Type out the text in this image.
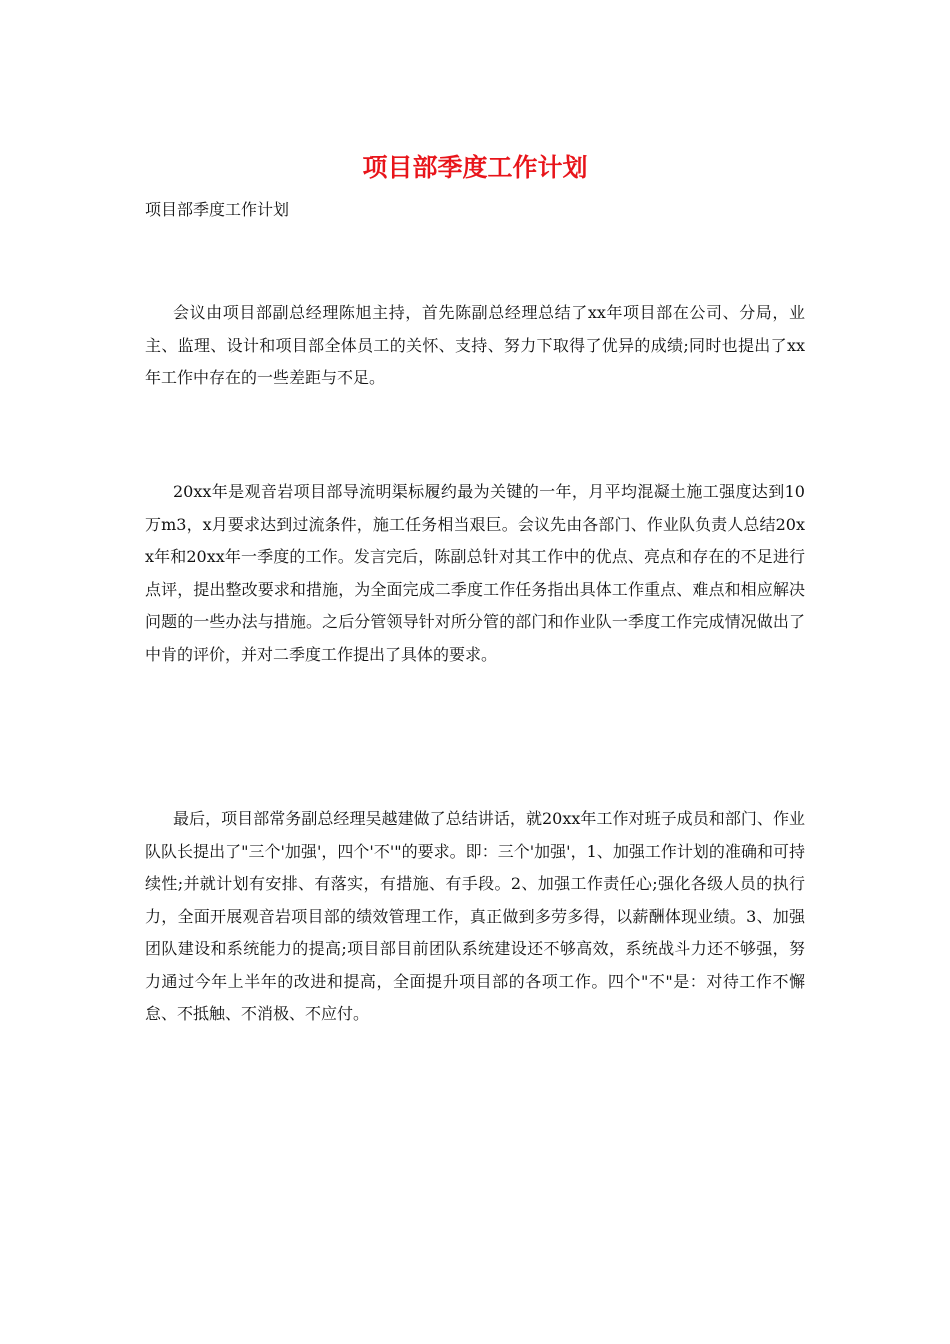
项目部季度工作计划

项目部季度工作计划

会议由项目部副总经理陈旭主持，首先陈副总经理总结了xx年项目部在公司、分局，业主、监理、设计和项目部全体员工的关怀、支持、努力下取得了优异的成绩;同时也提出了xx年工作中存在的一些差距与不足。

20xx年是观音岩项目部导流明渠标履约最为关键的一年，月平均混凝土施工强度达到10万m3，x月要求达到过流条件，施工任务相当艰巨。会议先由各部门、作业队负责人总结20xx年和20xx年一季度的工作。发言完后，陈副总针对其工作中的优点、亮点和存在的不足进行点评，提出整改要求和措施，为全面完成二季度工作任务指出具体工作重点、难点和相应解决问题的一些办法与措施。之后分管领导针对所分管的部门和作业队一季度工作完成情况做出了中肯的评价，并对二季度工作提出了具体的要求。

最后，项目部常务副总经理吴越建做了总结讲话，就20xx年工作对班子成员和部门、作业队队长提出了"三个'加强'，四个'不'"的要求。即：三个'加强'，1、加强工作计划的准确和可持续性;并就计划有安排、有落实，有措施、有手段。2、加强工作责任心;强化各级人员的执行力，全面开展观音岩项目部的绩效管理工作，真正做到多劳多得，以薪酬体现业绩。3、加强团队建设和系统能力的提高;项目部目前团队系统建设还不够高效，系统战斗力还不够强，努力通过今年上半年的改进和提高，全面提升项目部的各项工作。四个"不"是：对待工作不懈怠、不抵触、不消极、不应付。
